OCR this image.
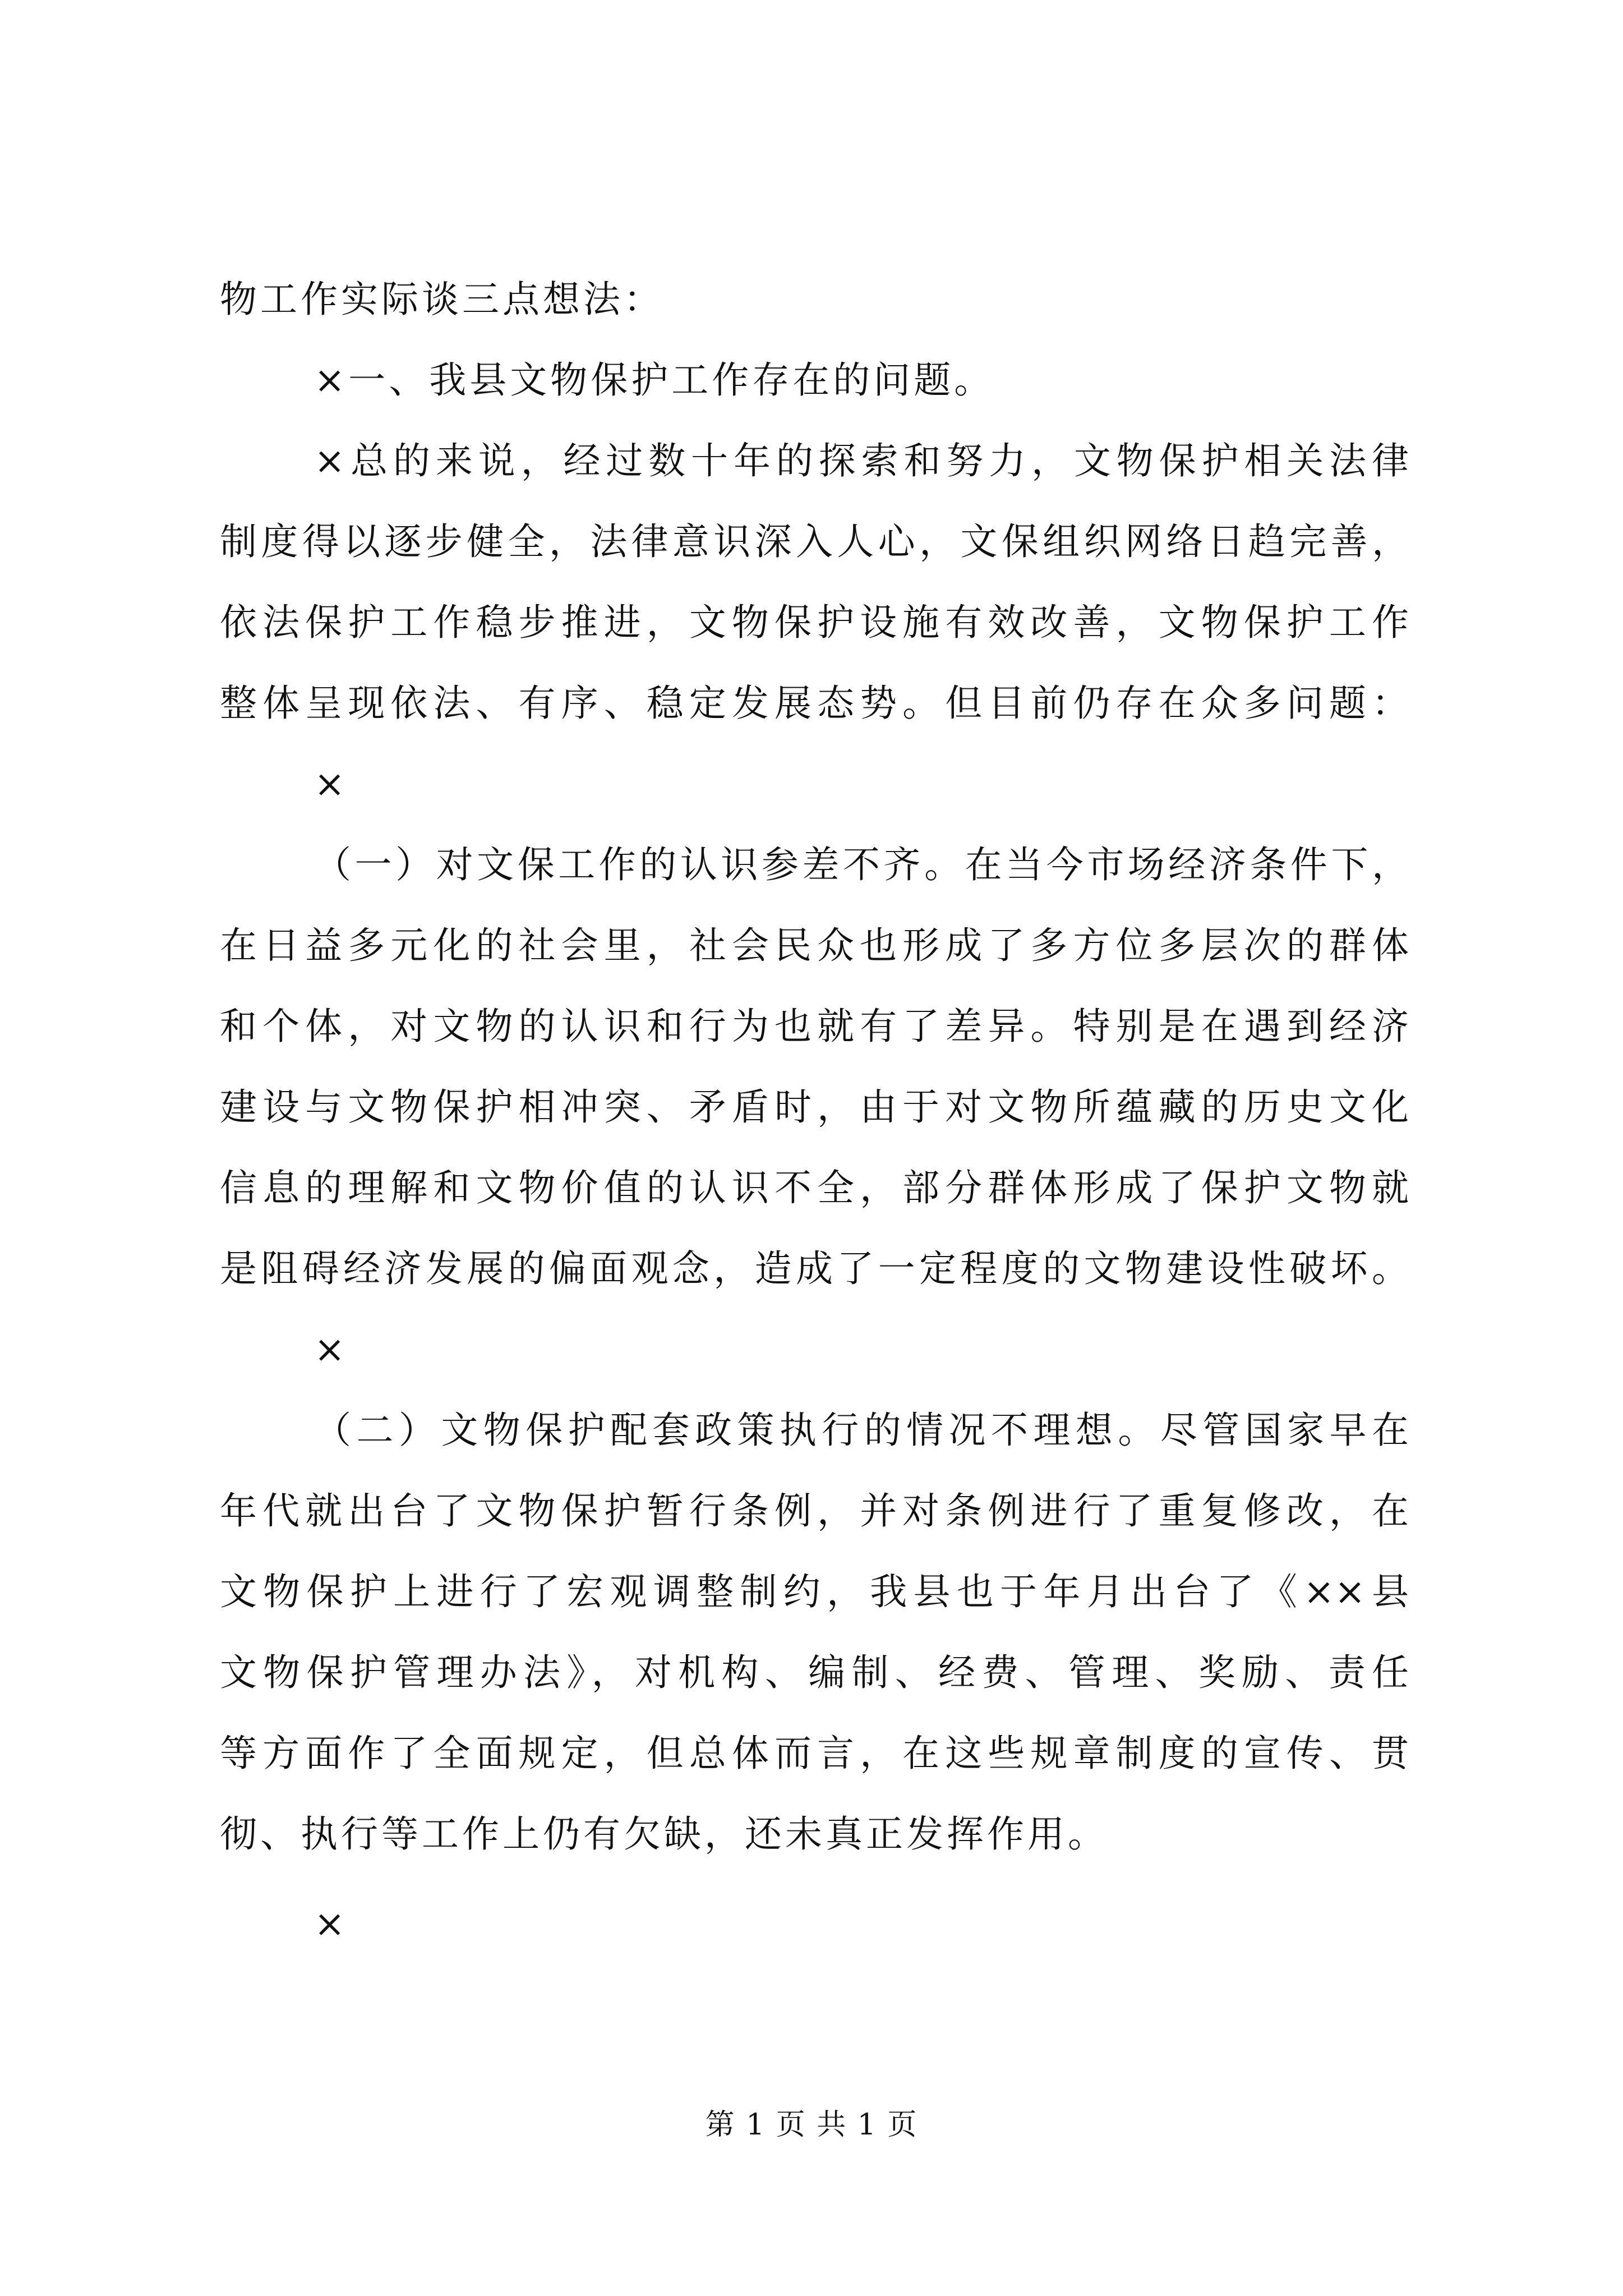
物工作实际谈三点想法：
×一、我县文物保护工作存在的问题。
×总的来说，经过数十年的探索和努力，文物保护相关法律
制度得以逐步健全，法律意识深入人心，文保组织网络日趋完善，
依法保护工作稳步推进，文物保护设施有效改善，文物保护工作
整体呈现依法、有序、稳定发展态势。但目前仍存在众多问题：
×
（一）对文保工作的认识参差不齐。在当今市场经济条件下，
在日益多元化的社会里，社会民众也形成了多方位多层次的群体
和个体，对文物的认识和行为也就有了差异。特别是在遇到经济
建设与文物保护相冲突、矛盾时，由于对文物所蕴藏的历史文化
信息的理解和文物价值的认识不全，部分群体形成了保护文物就
是阻碍经济发展的偏面观念，造成了一定程度的文物建设性破坏。
×
（二）文物保护配套政策执行的情况不理想。尽管国家早在
年代就出台了文物保护暂行条例，并对条例进行了重复修改，在
文物保护上进行了宏观调整制约，我县也于年月出台了《××县
文物保护管理办法》，对机构、编制、经费、管理、奖励、责任
等方面作了全面规定，但总体而言，在这些规章制度的宣传、贯
彻、执行等工作上仍有欠缺，还未真正发挥作用。
×
第 1 页 共 1 页
